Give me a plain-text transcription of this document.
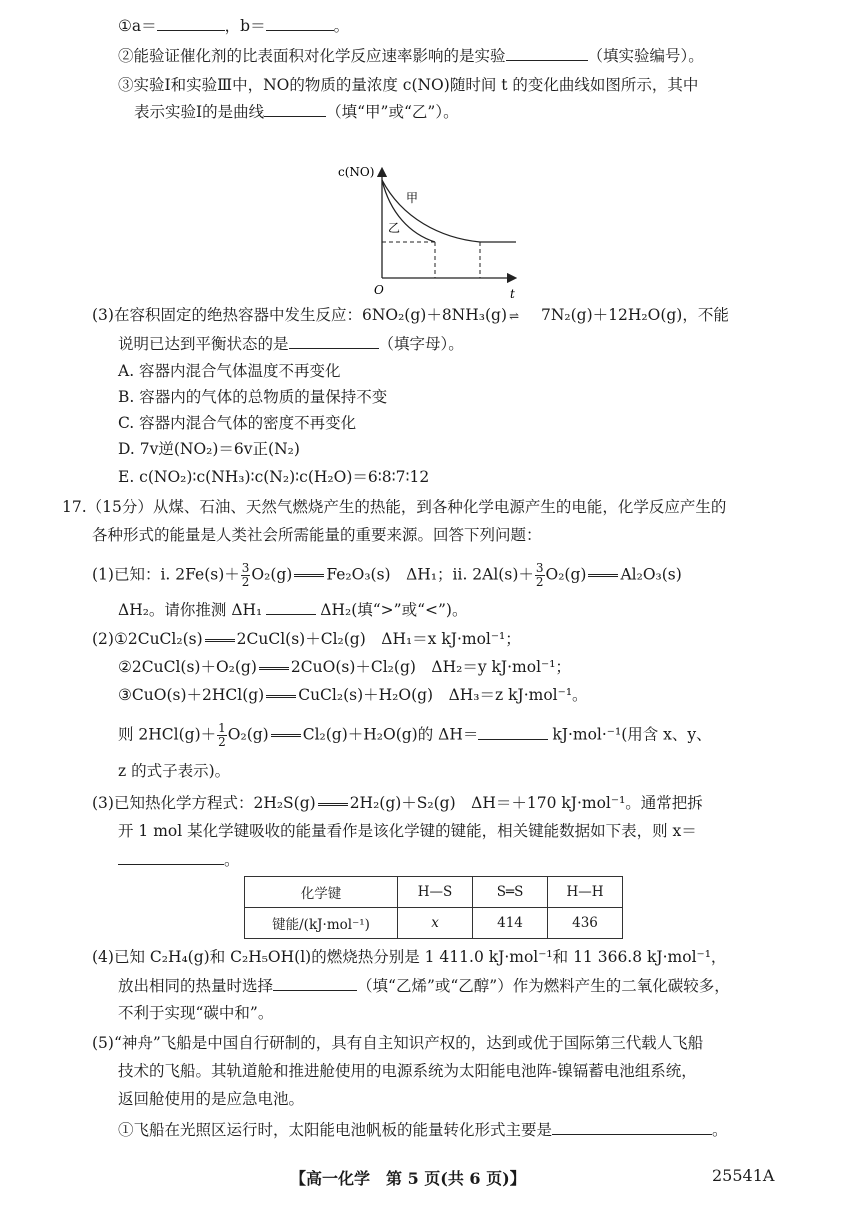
①a＝	，b＝	。
②能验证催化剂的比表面积对化学反应速率影响的是实验	（填实验编号）。
③实验Ⅰ和实验Ⅲ中，NO的物质的量浓度 c(NO)随时间 t 的变化曲线如图所示，其中
表示实验Ⅰ的是曲线	（填“甲”或“乙”）。
c(NO)
t
O
甲
乙
(3)在容积固定的绝热容器中发生反应：6NO₂(g)＋8NH₃(g) ⇌ 7N₂(g)＋12H₂O(g)，不能
说明已达到平衡状态的是	（填字母）。
A. 容器内混合气体温度不再变化
B. 容器内的气体的总物质的量保持不变
C. 容器内混合气体的密度不再变化
D. 7v逆(NO₂)＝6v正(N₂)
E. c(NO₂)∶c(NH₃)∶c(N₂)∶c(H₂O)＝6∶8∶7∶12
17.（15分）从煤、石油、天然气燃烧产生的热能，到各种化学电源产生的电能，化学反应产生的
各种形式的能量是人类社会所需能量的重要来源。回答下列问题：
(1)已知：ⅰ. $2Fe(s)+ \frac{3}{2} O_2(g)$ Fe₂O₃(s)　ΔH₁；ⅱ. $2Al(s)+ \frac{3}{2} O_2(g)$ Al₂O₃(s)
ΔH₂。请你推测 ΔH₁	ΔH₂(填“>”或“<”)。
(2)①2CuCl₂(s) 2CuCl(s)＋Cl₂(g)　ΔH₁＝x kJ·mol⁻¹；
②2CuCl(s)＋O₂(g) 2CuO(s)＋Cl₂(g)　ΔH₂＝y kJ·mol⁻¹；
③CuO(s)＋2HCl(g) CuCl₂(s)＋H₂O(g)　ΔH₃＝z kJ·mol⁻¹。
则 $2HCl(g)+ \frac{1}{2} O_2(g)$ Cl₂(g)＋H₂O(g)的 ΔH＝	kJ·mol·⁻¹(用含 x、y、
z 的式子表示)。
(3)已知热化学方程式：2H₂S(g) 2H₂(g)＋S₂(g)　ΔH＝＋170 kJ·mol⁻¹。通常把拆
开 1 mol 某化学键吸收的能量看作是该化学键的键能，相关键能数据如下表，则 x＝
。
化学键	H—S	S═S	H—H
键能/(kJ·mol⁻¹)	x	414	436
(4)已知 C₂H₄(g)和 C₂H₅OH(l)的燃烧热分别是 1 411.0 kJ·mol⁻¹和 11 366.8 kJ·mol⁻¹，
放出相同的热量时选择	（填“乙烯”或“乙醇”）作为燃料产生的二氧化碳较多，
不利于实现“碳中和”。
(5)“神舟”飞船是中国自行研制的，具有自主知识产权的，达到或优于国际第三代载人飞船
技术的飞船。其轨道舱和推进舱使用的电源系统为太阳能电池阵-镍镉蓄电池组系统，
返回舱使用的是应急电池。
①飞船在光照区运行时，太阳能电池帆板的能量转化形式主要是	。
【高一化学　第 5 页(共 6 页)】	25541A
